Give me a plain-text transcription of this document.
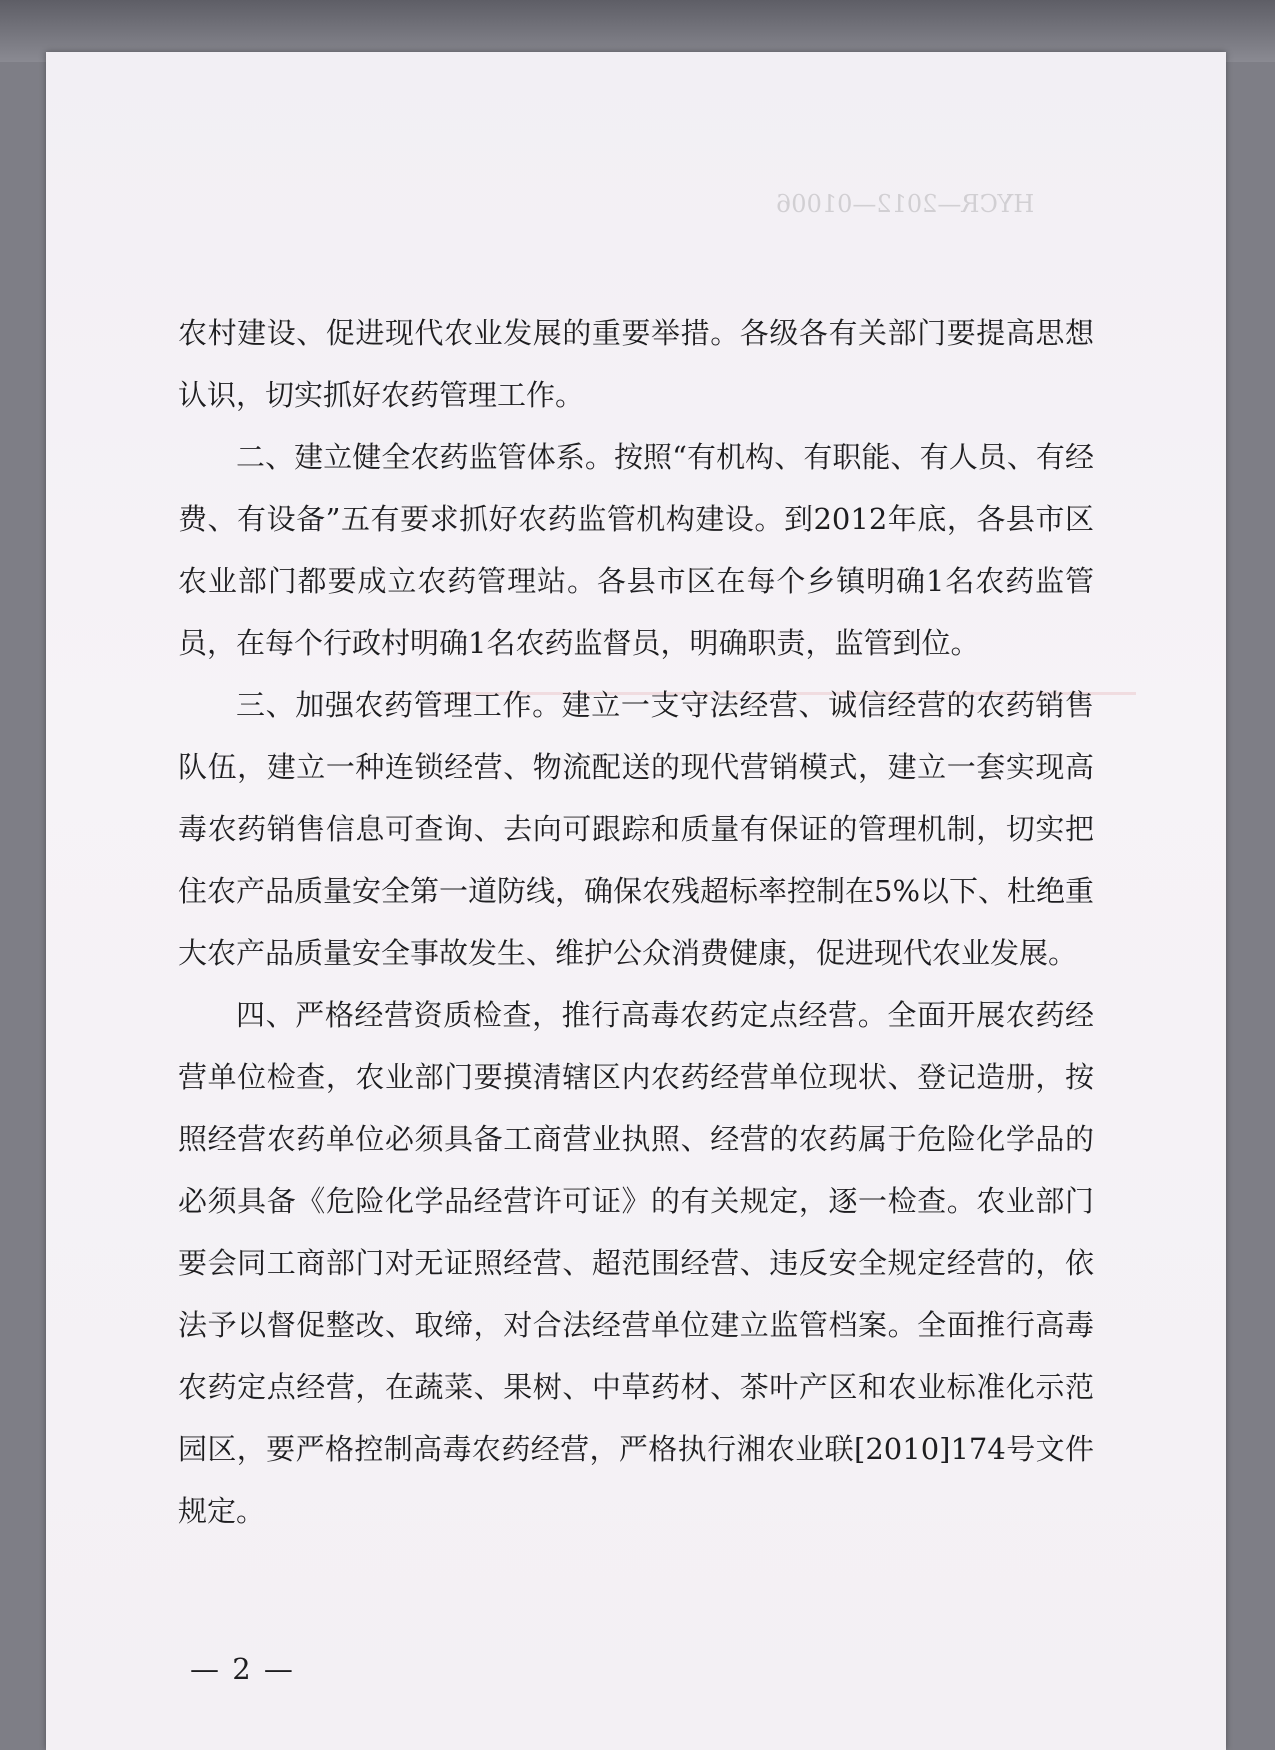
HYCR—2012—01006

农村建设、促进现代农业发展的重要举措。各级各有关部门要提高思想认识，切实抓好农药管理工作。

二、建立健全农药监管体系。按照“有机构、有职能、有人员、有经费、有设备”五有要求抓好农药监管机构建设。到2012年底，各县市区农业部门都要成立农药管理站。各县市区在每个乡镇明确1名农药监管员，在每个行政村明确1名农药监督员，明确职责，监管到位。

三、加强农药管理工作。建立一支守法经营、诚信经营的农药销售队伍，建立一种连锁经营、物流配送的现代营销模式，建立一套实现高毒农药销售信息可查询、去向可跟踪和质量有保证的管理机制，切实把住农产品质量安全第一道防线，确保农残超标率控制在5%以下、杜绝重大农产品质量安全事故发生、维护公众消费健康，促进现代农业发展。

四、严格经营资质检查，推行高毒农药定点经营。全面开展农药经营单位检查，农业部门要摸清辖区内农药经营单位现状、登记造册，按照经营农药单位必须具备工商营业执照、经营的农药属于危险化学品的必须具备《危险化学品经营许可证》的有关规定，逐一检查。农业部门要会同工商部门对无证照经营、超范围经营、违反安全规定经营的，依法予以督促整改、取缔，对合法经营单位建立监管档案。全面推行高毒农药定点经营，在蔬菜、果树、中草药材、茶叶产区和农业标准化示范园区，要严格控制高毒农药经营，严格执行湘农业联[2010]174号文件规定。

— 2 —
